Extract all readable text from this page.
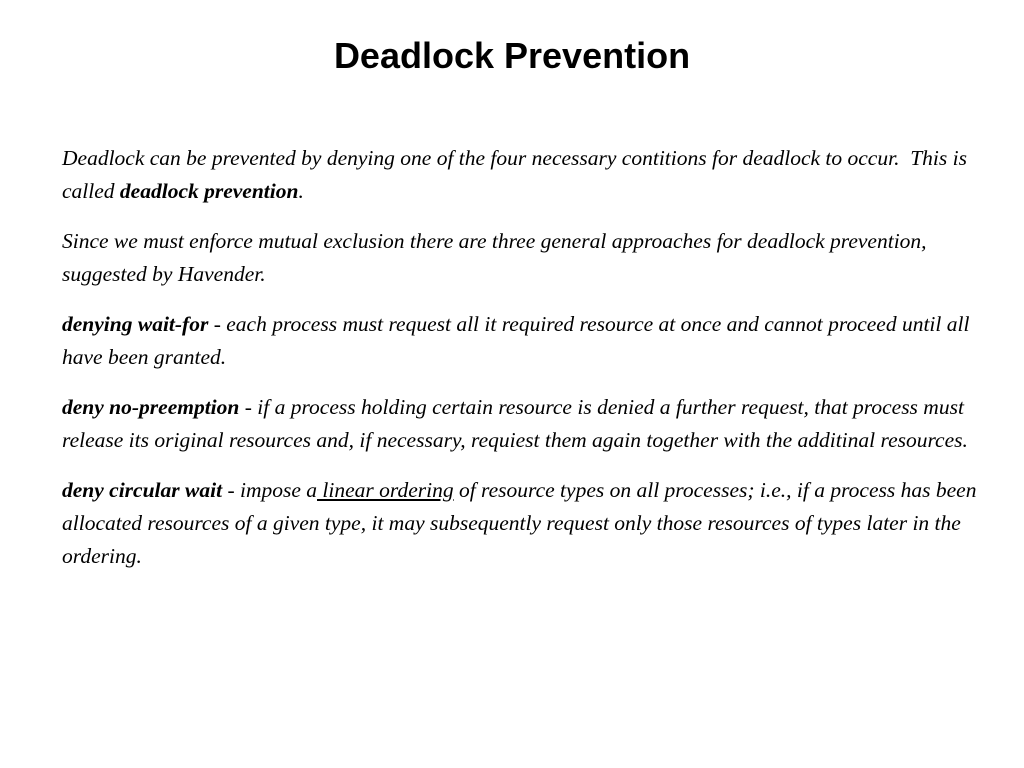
Deadlock Prevention

Deadlock can be prevented by denying one of the four necessary contitions for deadlock to occur.  This is called deadlock prevention.

Since we must enforce mutual exclusion there are three general approaches for deadlock prevention, suggested by Havender.

denying wait-for - each process must request all it required resource at once and cannot proceed until all have been granted.

deny no-preemption - if a process holding certain resource is denied a further request, that process must release its original resources and, if necessary, requiest them again together with the additinal resources.

deny circular wait - impose a linear ordering of resource types on all processes; i.e., if a process has been allocated resources of a given type, it may subsequently request only those resources of types later in the ordering.
